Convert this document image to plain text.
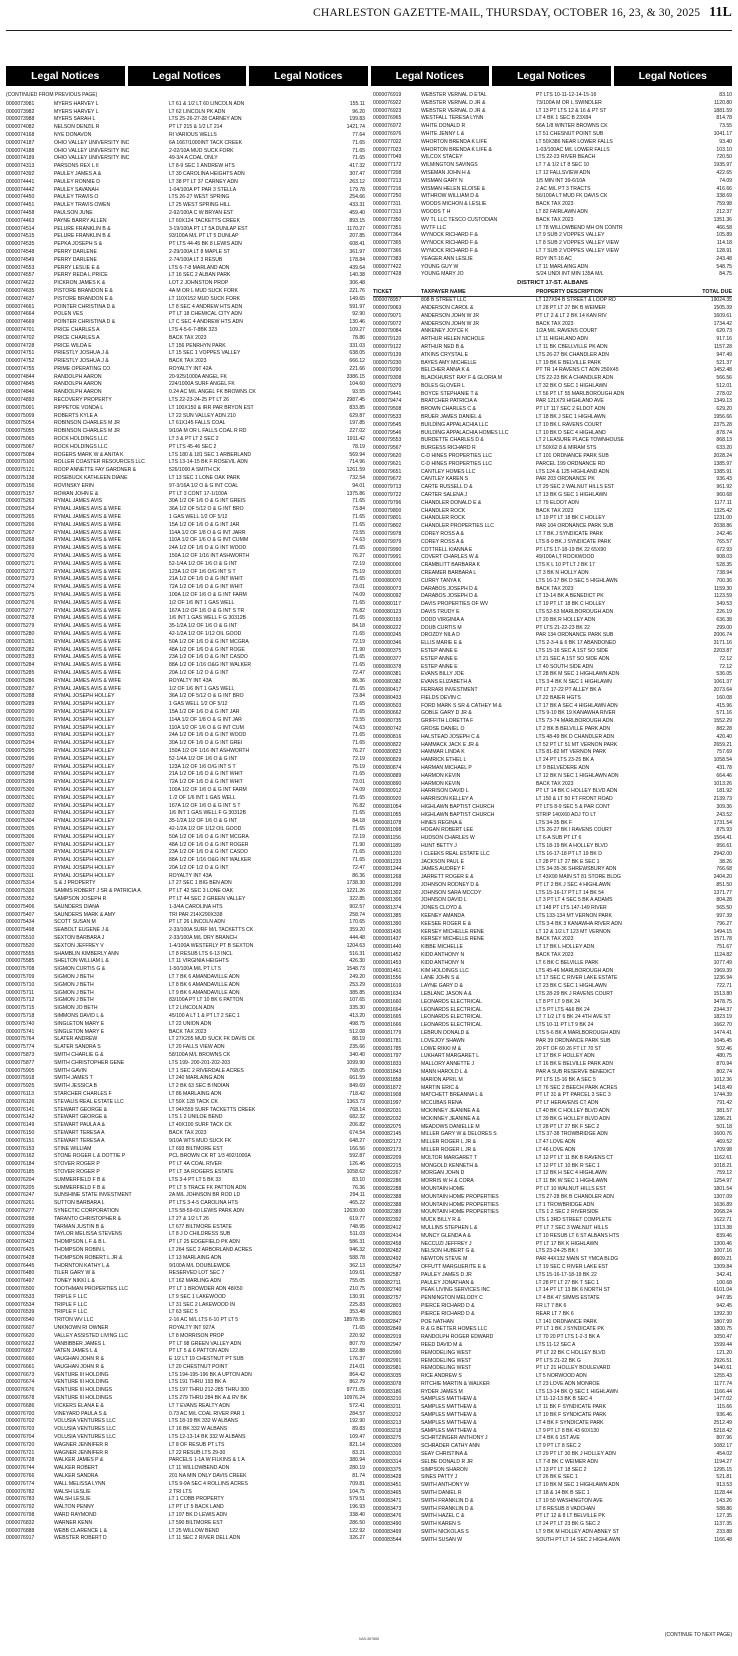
CHARLESTON GAZETTE-MAIL, THURSDAY, OCTOBER 16, 23, & 30, 2025 11L
Legal Notices	Legal Notices	Legal Notices	Legal Notices	Legal Notices	Legal Notices
(CONTINUED FROM PREVIOUS PAGE)
0000073981	MYERS HARVEY L	LT 61 & 1/2 LT 60 LINCOLN ADN	155.11
0000073982	MYERS HARVEY L	LT 62 LINCOLN PK ADN	96.20
0000073988	MYERS SARAH L	LTS 25-26-27-28 CARNEY ADN	199.83
0000074082	NELSON DENZIL R	PT LT 215 & 1/2 LT 214	1421.74
0000074168	NYE DONAVON	RI VARIOUS WELLS	77.64
0000074187	OHIO VALLEY UNIVERSITY INC	6A 1667/1000INT TACK CREEK	71.65
0000074188	OHIO VALLEY UNIVERSITY INC	2-02/10A MUD SUCK FORK	71.65
0000074189	OHIO VALLEY UNIVERSITY INC	49-3/4 A COAL ONLY	71.65
0000074313	PARSONS REX L II	LT 8-9 SEC 1 ANDREW HTS	417.32
0000074392	PAULEY JAMES A &	LT 30 CAROLINA HEIGHTS ADN	307.47
0000074441	PAULEY RONNIE D	LT 38 PT LT 37 CARNEY ADN	263.12
0000074442	PAULEY SAVANAH	1-04/100A PT PAR 3 STELLA	179.78
0000074450	PAULEY TRAVIS O	LTS 26-27 WEST SPRING	254.66
0000074451	PAULEY TRAVIS OWEN	LT 25 WEST SPRING HILL	433.31
0000074458	PAULSON JUNE	2-92/100A C W BRYAN EST	459.40
0000074463	PAYNE BARRY ALLEN	LT 60X124 TACKETTS CREEK	893.15
0000074514	PELURE FRANKLIN B &	3-19/100A PT LT 5A DUNLAP EST	1170.27
0000074515	PELURE FRANKLIN B &	93/100A M/L PT LT 5 DUNLAP	207.85
0000074535	PEPKA JOSEPH S &	PT LTS 44-45 BK 8 LEWIS ADN	608.41
0000074548	PERRY DARLENE	2-29/100A LT 8 MAPLE ST	361.97
0000074549	PERRY DARLENE	2-74/100A LT 3 RESUB	178.84
0000074553	PERRY LESLIE E &	LTS 6-7-8 MARLAND ADN	439.64
0000074557	PERRY REDA L PRICE	LT 16 SEC 2 ALBAN PARK	140.38
0000074622	PICKRON JAMES K &	LOT 2 JOHNSTON PROP	306.48
0000074635	PISTORE BRANDON E &	4A M OR L MUD SUCK FORK	221.76
0000074637	PISTORE BRANDON E &	LT 110X152 MUD SUCK FORK	149.65
0000074661	POINTER CHRISTINA D &	LT 8 SEC 4 ANDREW HTS ADN	591.97
0000074664	POLEN VES	PT LT 18 CHEMICAL CITY ADN	92.90
0000074669	POINTER CHRISTINA D &	LT C SEC 4 ANDREW HTS ADN	130.46
0000074701	PRICE CHARLES A	LTS 4-5-6-7-8BK 323	109.27
0000074702	PRICE CHARLES A	BACK TAX 2023	78.86
0000074728	PRICE WILDA E	LT 156 PENRHYN PARK	331.03
0000074751	PRIESTLY JOSHUA J &	LT 15 SEC 1 VOPPES VALLEY	638.05
0000074752	PRIESTLY JOSHUA J &	BACK TAX 2023	666.12
0000074755	PRIME OPERATING CO	ROYALTY INT 42A	221.66
0000074844	RANDOLPH AARON	20-925/1000A ANGEL FK	3386.15
0000074845	RANDOLPH AARON	224/1000A SURF ANGEL FK	104.60
0000074846	RANDOLPH AARON	0.24 AC M/L ANGEL FK BROWNS CK	93.55
0000074893	RECOVERY PROPERTY	LTS 22-23-24-25 PT LT 26	2987.45
0000075001	RIPPETOE VONDA L	LT 100X150 & IRR PAR BRYON EST	833.85
0000075009	ROBERTS KYLE A	LT 22 SUN VALLEY ADN 210	629.87
0000075054	ROBINSON CHARLES M JR	LT 61X145 FALLS COAL	197.85
0000075055	ROBINSON CHARLES M JR	9/10A M OR L FALLS COAL R RD	227.02
0000075065	ROCK HOLDINGS LLC	LT 3 & PT LT 2 SEC 2	1911.42
0000075067	ROCK HOLDINGS LLC	PT LTS 45-46 SEC 2	78.19
0000075084	ROGERS MARK W & ANITA K	LTS 180 & 181 SEC 1 ARBERLAND	569.94
0000075100	ROLLER COASTER RESOURCES LLC	LTS 13-14-15 BK F ROSEVIL ADN	714.96
0000075121	ROOP ANNETTE FAY GARDNER &	526/1000 A SMITH CK	1261.59
0000075138	ROSEBUCK KATHLEEN DIANE	LT 13 SEC 1 LONE OAK PARK	732.54
0000075156	ROVINSKY ERIN	97-3/16A 1/2 O & G INT COAL	94.01
0000075157	ROWAN JOHN E &	PT LT 3 CONT 17-1/100A	1375.86
0000075263	RYMAL JAMES AVIS	30A 1/2 OF 1/6 O & G INT GREIS	71.65
0000075264	RYMAL JAMES AVIS & WIFE	36A 1/2 OF 5/12 O & G INT BRO	73.84
0000075265	RYMAL JAMES AVIS & WIFE	1 GAS WELL 1/2 OF 5/12	71.65
0000075266	RYMAL JAMES AVIS & WIFE	15A 1/2 OF 1/6 O & G INT JAR	71.65
0000075267	RYMAL JAMES AVIS & WIFE	114A 1/2 OF 1/8 O & G INT JARR	73.55
0000075268	RYMAL JAMES AVIS & WIFE	110A 1/2 OF 1/6 O & G INT CUMM	74.63
0000075269	RYMAL JAMES AVIS & WIFE	24A 1/2 OF 1/6 O & G INT WOOD	71.65
0000075270	RYMAL JAMES AVIS & WIFE	150A 1/2 OF 1/16 INT ASHWORTH	76.27
0000075271	RYMAL JAMES AVIS & WIFE	52-1/4A 1/2 OF 1/6 O & G INT	72.19
0000075272	RYMAL JAMES AVIS & WIFE	123A 1/2 OF 1/6 O/G INT S T	75.19
0000075273	RYMAL JAMES AVIS & WIFE	21A 1/2 OF 1/6 O & G INT WHIT	71.65
0000075274	RYMAL JAMES AVIS & WIFE	72A 1/2 OF 1/6 O & G INT WHIT	73.01
0000075275	RYMAL JAMES AVIS & WIFE	100A 1/2 OF 1/6 O & G INT FARM	74.09
0000075276	RYMAL JAMES AVIS & WIFE	1/2 OF 1/6 INT 1 GAS WELL	71.65
0000075277	RYMAL JAMES AVIS & WIFE	167A 1/2 OF 1/6 O & G INT S TR	76.82
0000075278	RYMAL JAMES AVIS & WIFE	1/6 INT 1 GAS WELL F G 30312B	71.65
0000075279	RYMAL JAMES AVIS & WIFE	35-1/2A 1/2 OF 1/6 O & G INT	84.18
0000075280	RYMAL JAMES AVIS & WIFE	42-1/2A 1/2 OF 1/12 OIL GOOD	71.65
0000075281	RYMAL JAMES AVIS & WIFE	50A 1/2 OF 1/6 O & G INT MCGRA	72.19
0000075282	RYMAL JAMES AVIS & WIFE	48A 1/2 OF 1/6 O & G INT ROGE	71.90
0000075283	RYMAL JAMES AVIS & WIFE	23A 1/2 OF 1/6 O & G INT CASDO	71.65
0000075284	RYMAL JAMES AVIS & WIFE	88A 1/2 OF 1/16 O&G INT WALKER	71.65
0000075285	RYMAL JAMES AVIS & WIFE	20A 1/2 OF 1/2 O & G INT	72.47
0000075286	RYMAL JAMES AVIS & WIFE	ROYALTY INT 43A	86.36
0000075287	RYMAL JAMES AVIS & WIFE	1/2 OF 1/6 INT 1 GAS WELL	71.65
0000075288	RYMAL JOSEPH HOLLEY	36A 1/2 OF 5/12 O & G INT BRO	73.84
0000075289	RYMAL JOSEPH HOLLEY	1 GAS WELL 1/2 OF 5/12	71.65
0000075290	RYMAL JOSEPH HOLLEY	15A 1/2 OF 1/6 O & G INT JAR	71.65
0000075291	RYMAL JOSEPH HOLLEY	114A 1/2 OF 1/8 O & G INT JAR	73.55
0000075292	RYMAL JOSEPH HOLLEY	110A 1/2 OF 1/6 O & G INT CUM	74.63
0000075293	RYMAL JOSEPH HOLLEY	24A 1/2 OF 1/6 O & G INT WOOD	71.65
0000075294	RYMAL JOSEPH HOLLEY	30A 1/2 OF 1/6 O & G INT GREI	71.65
0000075295	RYMAL JOSEPH HOLLEY	150A 1/2 OF 1/16 INT ASHWORTH	76.27
0000075296	RYMAL JOSEPH HOLLEY	52-1/4A 1/2 OF 1/6 O & G INT	72.19
0000075297	RYMAL JOSEPH HOLLEY	123A 1/2 OF 1/6 O/G INT S T	75.19
0000075298	RYMAL JOSEPH HOLLEY	21A 1/2 OF 1/6 O & G INT WHIT	71.65
0000075299	RYMAL JOSEPH HOLLEY	72A 1/2 OF 1/6 O & G INT WHIT	73.01
0000075300	RYMAL JOSEPH HOLLEY	100A 1/2 OF 1/6 O & G INT FARM	74.09
0000075301	RYMAL JOSEPH HOLLEY	1 /2 OF 1/6 INT 1 GAS WELL	71.65
0000075302	RYMAL JOSEPH HOLLEY	167A 1/2 OF 1/6 O & G INT S T	76.82
0000075303	RYMAL JOSEPH HOLLEY	1/6 INT 1 GAS WELL F G 30312B	71.65
0000075304	RYMAL JOSEPH HOLLEY	35-1/2A 1/2 OF 1/6 O & G INT	84.18
0000075305	RYMAL JOSEPH HOLLEY	42-1/2A 1/2 OF 1/12 OIL GOOD	71.65
0000075306	RYMAL JOSEPH HOLLEY	50A 1/2 OF 1/6 O & G INT MCGRA	72.19
0000075307	RYMAL JOSEPH HOLLEY	48A 1/2 OF 1/6 O & G INT ROGER	71.90
0000075308	RYMAL JOSEPH HOLLEY	23A 1/2 OF 1/6 O & G INT CASDO	71.65
0000075309	RYMAL JOSEPH HOLLEY	88A 1/2 OF 1/16 O&G INT WALKER	71.65
0000075310	RYMAL JOSEPH HOLLEY	20A 1/2 OF 1/2 O & G INT	72.47
0000075311	RYMAL JOSEPH HOLLEY	ROYALTY INT 43A	86.36
0000075314	S & J PROPERTY	LT 27 SEC 1 BIG BEN ADN	1738.30
0000075326	SAMMS ROBERT J SR & PATRICIA A	PT LT 42 SEC 3 LONE OAK	1221.26
0000075352	SAMPSON JOSEPH R	PT LT 44 SEC 2 GREEN VALLEY	322.85
0000075406	SAUNDERS DIANA	1-3/4A CAROLINA HTS	902.57
0000075407	SAUNDERS MARK & AMY	TRI PAR 214X290X338	258.74
0000075434	SCOTT SUSAN M	PT LT 26 LINCOLN ADN	170.65
0000075498	SEABOLT EUGENE J &	2-33/100A SURF M/L TACKETTS CK	359.20
0000075510	SEXTON BARBARA J	2-33/100A M/L DRY BRANCH	444.48
0000075520	SEXTON JEFFREY V	1-4/100A WESTERLY PT B SEXTON	1204.63
0000075555	SHAMBLIN KIMBERLY ANN	LT 8 RESUB LTS 6-13 INCL	516.31
0000075585	SHELTON WILLIAM L &	LT 11 VIRGINIA HEIGHTS	426.30
0000075708	SIGMON CURTIS G &	1-50/100A M/L PT LT 5	1548.73
0000075709	SIGMON J BETH	LT 7 BK 6 AMANDAVILLE ADN	249.20
0000075710	SIGMON J BETH	LT 8 BK 6 AMANDAVILLE ADN	253.29
0000075711	SIGMON J BETH	LT 9 BK 6 AMANDAVILLE ADN	385.85
0000075712	SIGMON J BETH	83/100A PT LT 10 BK 6 PATTON	107.65
0000075715	SIGMON JO BETH	LT 2 LINCOLN ADN	335.30
0000075718	SIMMONS DAVID L &	45/100 A LT 1 & PT LT 2 SEC 1	413.20
0000075740	SINGLETON MARY E	LT 22 UNION ADN	498.75
0000075741	SINGLETON MARY E	BACK TAX 2023	512.08
0000075764	SLATER ANDREW	LT 27X205 MUD SUCK FK DAVIS CK	88.19
0000075774	SLATER SANDRA S	LT 20 FALLS VIEW ADN	235.66
0000075873	SMITH CHARLIE G &	58/100A M/L BROWNS CK	340.40
0000075877	SMITH CHRISTOPHER GENE	LTS 199- 200-201-202-203	1099.90
0000075905	SMITH GAVIN	LT 1 SEC 2 RIVERDALE ACRES	768.05
0000075918	SMITH JAMES T	LT 240 MARLAING ADN	661.59
0000075925	SMITH JESSICA B	LT 2 BK 63 SEC B INDIAN	849.69
0000076113	STARCHER CHARLES F	LT 86 MARLAING ADN	718.42
0000076126	STEVALIS REAL ESTATE LLC	LT 50X 128 TACK CK	1363.73
0000076141	STEWART GEORGE &	LT 94X559 SURF TACKETTS CREEK	768.14
0000076142	STEWART GEORGE &	LTS 1 2 UNILOE BEND	682.32
0000076149	STEWART PAULA A &	LT 40X100 SURF TACK CK	206.82
0000076150	STEWART TERESA A	BACK TAX 2023	674.54
0000076151	STEWART TERESA A	9/10A WTS MUD SUCK FK	648.27
0000076153	STINE WILLIAM	LT 693 BILTMORE EST	166.56
0000076162	STONE ROGER L & DOTTIE P	PCL BROWN CK RT 1/3 492/1000A	592.87
0000076184	STOVER ROGER P	PT LT 4A COAL RIVER	126.46
0000076185	STOVER ROGER P	PT LT 3A ROGERS ESTATE	1058.62
0000076204	SUMMERFIELD F B &	LTS 3-4 PT LT 5 BK 33	83.10
0000076205	SUMMERFIELD F B &	PT LT 5 TRACE FK PATTON ADN	76.36
0000076247	SUNSHINE STATE INVESTMENT	2A M/L JOHNSON BR ROD LD	294.11
0000076261	SUTTON BARBARA L	PT LTS 3-4-5 CAROLINA HTS	465.22
0000076277	SYNECTIC CORPORATION	LTS 58-59-60 LEWIS PARK ADN	12630.00
0000076298	TARANTO CHRISTOPHER &	LT 27 & 1/2 LT 26	619.77
0000076299	TARMAN JUSTIN B &	LT 677 BILTMORE ESTATE	748.95
0000076334	TAYLOR MELISSA STEVENS	LT 8 J D CHILDRESS SUB	511.03
0000076423	THOMPSON L F & B L	PT LT 25 EDGEFIELD PK ADN	586.31
0000076425	THOMPSON ROBIN L	LT 264 SEC 2 ARBORLAND ACRES	946.32
0000076428	THOMPSON ROBERT L JR &	LT 13 MARLAING ADN	588.78
0000076445	THORNTON KATHY L &	9/100A M/L DOUBLEWIDE	362.13
0000076480	TILER GARY W &	RESERVED LOT SEC 7	109.61
0000076497	TONEY NIKKI L &	LT 162 MARLING ADN	755.05
0000076500	TOOTHMAN PROPERTIES LLC	PT LT 1 BROWDER ADN 48X50	210.75
0000076533	TRIPLE F LLC	LT 9 SEC 1 LAKEWOOD	130.91
0000076534	TRIPLE F LLC	LT 31 SEC 2 LAKEWOOD IN	225.83
0000076539	TRIPLE F LLC	LT 63 SEC 5	353.48
0000076540	TRITON WV LLC	2-16 AC M/L LTS 6-10 PT LT 5	18578.95
0000076607	UNKNOWN RI OWNER	ROYALTY INT 927A	71.65
0000076620	VALLEY ASSISTED LIVING LLC	LT 8 MORRISON PROP	220.92
0000076622	VANBIBBER JAMES L	PT LT 98 GREEN VALLEY ADN	807.70
0000076657	VATEN JAMES L &	PT LT 5 & 6 PATTON ADN	122.88
0000076660	VAUGHAN JOHN R &	E 1/2 LT 19 CHESTNUT PT SUB	176.37
0000076661	VAUGHAN JOHN R &	LT 20 CHESTNUT POINT	214.01
0000076673	VENTURE III HOLDING	LTS 194-195-196 BK A UPTON ADN	864.42
0000076674	VENTURE III HOLDING	LTS 191 THRU 193 BK A	862.79
0000076676	VENTURE III HOLDINGS	LTS 197 THRU 212-285 THRU 300	9771.05
0000076678	VENTURE III HOLDINGS	LTS 279 THRU 284 BK A & RV BK	10976.24
0000076686	VICKERS ELANA E &	LT 7 EVANS REALTY ADN	572.41
0000076700	VINEYARD PAULA S &	0.73 AC M/L COAL RIVER PAR 1	284.57
0000076702	VOLUSIA VENTURES LLC	LTS 18-19 BK 332 W ALBANS	192.90
0000076703	VOLUSIA VENTURES LLC	LT 16 BK 332 W ALBANS	89.83
0000076704	VOLUSIA VENTURES LLC	LTS 12-13-14 BK 332 W ALBANS	109.47
0000076720	WAGNER JENNIFER R	LT 8 OF RESUB PT LTS	821.14
0000076721	WAGNER JENNIFER R	LT 22 RESUB LTS 29-30	83.21
0000076728	WALKER JAMES P &	PARCELS 1-1A W FILKINS & 1 A	380.94
0000076744	WALKER ROBERT	LT 11 WILLOWBEND ADN	280.19
0000076766	WALKER SANDRA	201 NA MIN ONLY DAVIS CREEK	81.74
0000076774	WALL MELISSA LYNN	LTS 9-9A SEC 4 ROLLINS ACRES	709.81
0000076782	WALSH LESLIE	2 TRI LTS	104.75
0000076783	WALSH LESLIE	LT 1 COBB PROPERTY	579.51
0000076792	WALTON PENNY	LT PT LT 5 BACK LAND	196.93
0000076798	WARD RAYMOND	LT 107 BK D LEWIS ADN	338.40
0000076832	WARNER KENN	LT 590 BILTMORE EST	286.50
0000076888	WEBB CLARENCE L &	LT 25 WILLOW BEND	122.92
0000076917	WEBSTER ROBERT D	LT 11 SEC 2 RIVER DELL ADN	326.27
0000076919	WEBSTER VERNAL D ETAL	PT LTS 10-11-12-14-15-16	83.10
0000076922	WEBSTER VERNAL D JR &	73/100A M OR L SWINDLER	1120.80
0000076923	WEBSTER VERNAL D JR &	LT 13 PT LTS 12 & 16 & PT ST	1881.59
0000076965	WESTFALL TERESA LYNN	LT 4 BK 1 SEC B 23X84	814.78
0000076972	WHITE DONALD R	56A 1/8 WINTER BROWNS CK	73.55
0000076976	WHITE JENNY L &	LT 51 CHESNUT POINT SUB	1041.17
0000077022	WHORTON BRENDA K LIFE	LT 50X386 NEAR LOWER FALLS	93.40
0000077023	WHORTON BRENDA K LIFE &	1-03/100AC M/L LOWER FALLS	103.10
0000077049	WILCOX STACEY	LTS 22-23 RIVER BEACH	720.50
0000077172	WILMINGTON SAVINGS	LT 7 & 1/2 LT 8 SEC 10	1935.97
0000077208	WISEMAN JOHN H &	LT 12 FALLSVIEW ADN	422.65
0000077213	WISMAN GARY N	1/5 MIN INT 39-6/10A	74.09
0000077216	WISMAN HELEN ELOISE &	2 AC M/L PT 3 TRACTS	416.66
0000077250	WITHROW WILLIAM D &	56/100A LT MUD FK DAVIS CK	338.69
0000077311	WOODS MICHON & LESLIE	BACK TAX 2023	759.98
0000077313	WOODS T H	LT 82 FAIRLAWN ADN	212.37
0000077350	WV TL LLC TESCO CUSTODIAN	BACK TAX 2023	1351.36
0000077351	WVTF LLC	LT 78 WILLOWBEND MH ON CONTR	466.58
0000077364	WYNOCK RICHARD F &	LT 9 SUB 2 VOPPES VALLEY	105.89
0000077365	WYNOCK RICHARD F &	LT 8 SUB 2 VOPPES VALLEY VIEW	114.18
0000077366	WYNOCK RICHARD F &	LT 7 SUB 2 VOPPES VALLEY VIEW	128.91
0000077383	YEAGER ANN LESLIE	ROY INT-16 AC	243.48
0000077422	YOUNG GUY W	LT 11 MARLAING ADN	548.75
0000077428	YOUNG MARY JO	S/24 UNDI INT MIN 135A M/L	84.75
DISTRICT 17-ST. ALBANS
TICKET	TAXPAYER NAME	PROPERTY DESCRIPTION	TOTAL DUE
0000078957	808 B STREET LLC	LT 127X94 B STREET & LOOP RD	19024.35
0000079063	ANDERSON CAROL &	LT 28 PT LT 27 BK B WEIMER	1505.39
0000079071	ANDERSON JOHN W JR	PT LT 2 & LT 2 BK 14 KAN RIV	1609.61
0000079072	ANDERSON JOHN W JR	BACK TAX 2023	1734.42
0000079084	ANKENEY JOYCE K	1/2A M/L RAVENS COURT	620.73
0000079120	ARTHUR HELEN NICHOLE	LT 11 HIGHLAND ADN	917.16
0000079122	ARTHUR NED B &	LT 11 BK CBELLVILLE PK ADN	1157.28
0000079139	ATKINS CRYSTAL E	LTS 26-27 BK CHANDLER ADN	947.49
0000079230	BAYES AMY MICHELLE	LT 19 BK E BELVILLE PARK	521.37
0000079290	BELCHER ANNA K &	PT TR 14 RAVENS CT ADN 250X45	1452.48
0000079308	BLACKHURST RAY F & GLORIA M	LTS 22-23 BK A CHANDLER ADN	566.56
0000079379	BOLES GLOVER L	LT 32 BK O SEC 1 HIGHLAWN	512.01
0000079441	BOYCE STEPHANIE T &	LT 56 PT LT 55 MARLBOROUGH ADN	278.02
0000079474	BRATCHER PATRICIA A	PAR 121X79 HIGHLAND AVE	1349.13
0000079508	BROWN CHARLES C &	PT LT 117 SEC 2 ELDOT ADN	629.20
0000079533	BRUER JAMES DANIEL &	LT 18 BK J SEC 1 HIGHLAWN	1956.66
0000079545	BUILDING APPALACHIA LLC	LT 10 BK L RAVENS COURT	2375.28
0000079546	BUILDING APPALACHIA HOMES LLC	LT 10 BK D SEC 4 HIGHLAND	878.74
0000079553	BURDETTE CHARLES D &	LT 2 LEASURE PLACE TOWNHOUSE	868.13
0000079567	BURGESS RICHARD R	LT 50X62 8 & MIRAM STS	633.20
0000079620	C-D HINES PROPERTIES LLC	LT 101 ORDNANCE PARK SUB	2028.24
0000079621	C-D HINES PROPERTIES LLC	PARCEL 199 ORDNANCE RD	1385.97
0000079651	CANTLEY HOMES LLC	LTS 124 & 125 HIGHLAND ADN	1385.91
0000079672	CANTLEY KAREN S	PAR 203 ORDNANCE PK	936.43
0000079713	CARTE RUSSELL D &	LT 29 SEC 2 WALNUT HILLS EST	961.92
0000079722	CARTER SALENA J	LT 13 BK G SEC 1 HIGHLAWN	960.68
0000079796	CHANDLER DONALD E &	LT 79 ELDOT ADN	1177.11
0000079800	CHANDLER ROCK	BACK TAX 2023	1325.42
0000079801	CHANDLER ROCK	LT 19 PT LT 18 BK C HOLLEY	1231.00
0000079802	CHANDLER PROPERTIES LLC	PAR 104 ORDNANCE PARK SUB	2038.86
0000079978	COREY ROSS A &	LT 7 BK J SYNDICATE PARK	242.46
0000079979	COREY ROSS A &	LTS 8-9 BK J SYNDICATE PARK	765.57
0000079990	COTTRELL KIANNA E	PT LTS 17-18-19 BK 22 65X90	672.93
0000079991	COVERT CHARLES W &	49/100A LT ROCKWOOD	908.03
0000080000	CRAMBLITT BARBARA K	LTS K L 10 PT LT J BK 17	528.35
0000080020	CREAMER BARBARA L	LT 3 BK N HOLLY ADN	738.94
0000080070	CURRY TANYA K	LTS 16-17 BK D SEC 5 HIGHLAWN	700.36
0000080073	DARABOS JOSEPH D &	BACK TAX 2023	1159.30
0000080092	DARABOS JOSEPH D &	LT 13-14 BK A BENEDICT PK	1123.59
0000080117	DAVIS PROPERTIES OF WV	LT 19 PT LT 18 BK C HOLLEY	349.53
0000080123	DAVIS TRUDY E	LTS 52-53 MARLBOROUGH ADN	226.19
0000080193	DODD VIRGINIA A	LT 20 BK R HOLLEY ADN	636.38
0000080222	DOUB CURTIS M	PT LTS 21-22-23 BK 22	299.00
0000080245	DROZDY NILA D	PAR 134 ORDNANCE PARK SUB	2006.74
0000080346	ELLIS MARIE E &	LTS 2-3-4 & 6 BK 17 ABANDONED	3171.16
0000080375	ESTEP ANNE E	LTS 15-16 SEC A 1ST SO SIDE	2203.87
0000080377	ESTEP ANNE E	LT 21 SEC A 1ST SO SIDE ADN	72.12
0000080378	ESTEP ANNE E	LT 40 SOUTH SIDE ADN	72.12
0000080381	EVANS BILLY JOE	LT 28 BK M SEC 1 HIGHLAWN ADN	536.05
0000080382	EVANS ELIZABETH A	LTS 3-4 BK N SEC 1 HIGHLAWN	1061.37
0000080417	FERRARI INVESTMENT	PT LT 17-22 PT ALLEY BK A	2073.64
0000080433	FIELDS DEVIN C	LT 22 BAIER HGTS	160.08
0000080503	FORD MARK S SR & CATHEY M &	LT 17 BK A SEC 4 HIGHLAWN ADN	415.96
0000080662	GOBLE GARY D JR &	LTS 9-10 BK 19 KANAWHA RIVER	571.16
0000080735	GRIFFITH LORETTA F	LTS 73-74 MARLBOROUGH ADN	1552.29
0000080742	GROSE DANIEL O	LT 2 BK B BELVILLE PARK ADN	882.28
0000080816	HALSTEAD JOSEPH C &	LTS 48-49 BK D CHANDLER ADN	420.40
0000080822	HAMMACK JACK E JR &	LT 52 PT LT 51 MT VERNON PARK	2659.21
0000080823	HAMMAR LINDA K	LTS 81-82 MT VERNON PARK	757.69
0000080829	HAMRICK ETHEL L	LT 24 PT LTS 23-25 BK A	1058.54
0000080874	HARMAN MICHAEL P	LT 9 BELVEDERE ADN	431.78
0000080889	HARMON KEVIN	LT 12 BK N SEC 1 HIGHLAWN ADN	664.46
0000080890	HARMON KEVIN	BACK TAX 2023	1013.26
0000080912	HARRISON DAVID L	PT LT 14 BK C HOLLEY BLVD ADN	181.92
0000080920	HARRISON KELLEY A	LT 150 & LT 50 FT FRONT ROAD	2139.73
0000081054	HIGHLAWN BAPTIST CHURCH	PT LTS 8-9 SEC 5 & PAR CONT	309.36
0000081055	HIGHLAWN BAPTIST CHURCH	STRIP 140X60 ADJ TO LT	243.52
0000081078	HINES REGINA &	LTS 34-35 BK F	1731.54
0000081098	HOGAN ROBERT LEE	LTS 26-27 BK I RAVENS COURT	875.93
0000081156	HUDSON CHARLES W	LT 6-A SUB PT LT 6	1564.41
0000081189	HUNT BETTY J	LTS 18-19 BK A HOLLEY BLVD	956.61
0000081220	I CLEEKS REAL ESTATE LLC	LTS 16-17-18 PT LT 19 BK D	2942.00
0000081233	JACKSON PAUL E	LT 28 PT LT 27 BK E SEC 1	38.26
0000081244	JAMES AUDREY F	LTS 34-35-36 SHREWSBURY ADN	766.68
0000081268	JARRETT ROGER E &	LT 43X90 MAIN ST 81 STORE BLDG	2404.20
0000081299	JOHNSON RODNEY D &	PT LT 2 BK J SEC 4 HIGHLAWN	851.50
0000081302	JOHNSON SARA MCCOY	LTS 15-16-17 PT LT 14 BK 54	1371.77
0000081306	JOHNSON DAVID L	LT 3 PT LT 4 SEC 5 BK A ADAMS	804.28
0000081374	JONES CLOYD &	LT 148 PT LTS 147-149 RIVER	565.50
0000081385	KEENEY AMANDA	LTS 133-134 MT VERNON PARK	997.39
0000081390	KEESEE ROGER E &	LTS 3-4 BK 3 KANAWHA RIVER ADN	796.27
0000081436	KERSEY MICHELLE RENE	LT 12 & 1/2 LT 123 MT VERNON	1494.15
0000081437	KERSEY MICHELLE RENE	BACK TAX 2023	1571.78
0000081440	KIBBE MICHELLE	LT 17 BK L HOLLEY ADN	751.67
0000081452	KIDD ANTHONY N	BACK TAX 2023	1124.82
0000081453	KIDD ANTHONY N	LT 6 BK C BELVILLE PARK	1077.49
0000081461	KIM HOLDINGS LLC	LTS 45-46 MARLBOROUGH ADN	1969.39
0000081556	LANE JOHN S &	LT 17 SEC C RIVER LAKE ESTATE	1236.94
0000081619	LAYNE GARY D &	LT 23 BK C SEC 1 HIGHLAWN	722.71
0000081634	LEBLANC JASON A &	LTS 28-29 BK J RAVENS COURT	1513.80
0000081660	LEONARDS ELECTRICAL	LT 8 PT LT 9 BK 24	3478.75
0000081664	LEONARDS ELECTRICAL	LT 5 PT LTS 4&6 BK 24	2344.37
0000081665	LEONARDS ELECTRICAL	LT 7 1/2 LT 6 BK 24 4TH AVE ST	1823.19
0000081666	LEONARDS ELECTRICAL	LTS 10-11 PT LT 9 BK 24	1662.70
0000081779	LEBRUN DONALD &	LTS 5-6 BK A MARLBOROUGH ADN	1474.41
0000081781	LOVEJOY SHAWN	PAR 39 ORDNANCE PARK SUB	1045.45
0000081785	LOWE RIKKI M &	20 FT OF 60 26 FT LT 70 ST	502.46
0000081797	LUKHART MARGARET L	LT 17 BK F HOLLEY ADN	480.75
0000081833	MALLORY ANNETTE J	LT 16 BK E BELVILLE PARK ADN	870.94
0000081843	MANN HAROLD L &	PAR A SUB RESERVE BENEDICT	802.74
0000081858	MARION APRIL M	PT LTS 15-16 BK A SEC 5	1012.36
0000081872	MARTIN ERIC &	LT 76 SEC 2 BEECH PARK ACRES	1418.49
0000081908	MATCHETT BREANNA L &	PT LT 31 & PT PARCEL 3 SEC 3	1744.39
0000081997	MCCUBAS RENA	PT LT HERAVENS CT ADN	791.42
0000082031	MCKINNEY JEANINE A &	LT 40 BK C HOLLEY BLVD ADN	381.57
0000082032	MCKINNEY JEANINE A &	LT 39 BK G HOLLEY BLVD ADN	1286.21
0000082075	MEADOWS DANIELLE M	LT 28 PT LT 27 BK F SEC 2	501.18
0000082145	MILLER GARY W & DELORES S	LTS 37-38 TROWBRIDGE ADN	1600.76
0000082172	MILLER ROGER L JR &	LT 47 LOVE ADN	469.52
0000082173	MILLER ROGER L JR &	LT 46 LOVE ADN	1709.98
0000082209	MOLTOR MARGARET T	LT 12 PT LT 11 BK B RAVENS CT	1162.61
0000082215	MONGOLD KENNETH &	LT 12 PT LT 10 BK R SEC 1	1018.21
0000082267	MORGAN JOHN D	LT 12 BK H SEC 4 HIGHLAWN	759.12
0000082286	MORRIS W H & CORA	LT 11 BK W SEC 1 HIGHLAWN	1254.97
0000082288	MOUNTAIN HOME	PT LT 10 WALNUT HILLS EST	1801.54
0000082388	MOUNTAIN HOME PROPERTIES	LTS 27-28 BK B CHANDLER ADN	1307.09
0000082388	MOUNTAIN HOME PROPERTIES	LT 1 TROWBRIDGE ADN	1636.89
0000082389	MOUNTAIN HOME PROPERTIES	LTS 1 2 SEC 2 RIVERSIDE	2068.24
0000082392	MUCK BILLY R &	LTS 1 3RD STREET COMPLETE	1622.71
0000082412	MULLINS STEPHEN L &	PT LT 7 SEC 3 WALNUT HILLS	1313.38
0000082414	MUNCY GLENDA A &	LT 10 RESUB LT 6 ST ALBANS HTS	839.46
0000082458	NECCUZI JEFFREY J	PT LT 17 BK K HIGHLAWN	1300.46
0000082482	NELSON HUBERT G &	LTS 23-24-25 BK I	1007.16
0000082492	NEWTON STEVE M	PAR 44X132 MAIN ST YMCA BLDG	8609.21
0000082547	OFFUTT MARGUERITE E &	LT 19 SEC C RIVER LAKE EST	1309.84
0000082587	PAULEY JAMES D JR	LTS 15-16-17-18-19 BK 22	342.41
0000082711	PAULEY JONATHAN &	LT 28 PT LT 27 BK T SEC 1	100.68
0000082740	PEAK LIVING SERVICES INC	LT 14 PT LT 13 BK 6 NORTH ST	6101.04
0000082757	PENNINGTON MELODY C	LT 4 BK 47 SIMMS ESTATE	947.95
0000082803	PIERCE RICHARD D &	FR LT 7 BK 6	942.45
0000082803	PIERCE RICHARD D &	REAR LT 7 BK 6	1392.30
0000082847	POE NATHAN	LT 141 ORDNANCE PARK	1807.99
0000082849	R & G BETTER HOMES LLC	PT LT 1 BK J SYNDICATE PK	1800.75
0000082919	RANDOLPH ROGER EDWARD	LT 70 20 PT LTS 1-2-3 BK A	1050.47
0000082947	REED DAVID M &	LTS 11-12 SEC A	1599.44
0000082990	REMODELING WEST	PT LT 22 BK C HOLLEY BLVD	121.20
0000082991	REMODELING WEST	PT LTS 21-22 BK G	2926.51
0000082981	REMODELING WEST	PT LT 21 HOLLEY BOULEVARD	1440.61
0000083035	RICE ANDREW S	LT 5 NORWOOD ADN	1255.43
0000083078	RITCHIE MARTIN & WALKER	LT 23 LOVE ADN MONROE	1177.74
0000083186	RYDER JAMES M	LTS 13-14 BK Q SEC 1 HIGHLAWN	1166.44
0000083210	SAMPLES MATTHEW &	LT 11-12-13 BK B SEC 4	1477.02
0000083211	SAMPLES MATTHEW &	LT 11 BK F SYNDICATE PARK	115.66
0000083212	SAMPLES MATTHEW &	LT 10 BK F SYNDICATE PARK	936.46
0000083213	SAMPLES MATTHEW &	LT 4 BK F SYNDICATE PARK	2512.49
0000083218	SAMPLES MATTHEW &	LT 9 PT LT 8 BK 43 60X130	5218.42
0000083275	SCHRTZINGER ANTHONY J	LT 4 BK 6 1ST AVE	807.96
0000083309	SCHRADER CATHY ANN	LT 9 PT LT 8 SEC 2	1082.17
0000083310	SEAY CHRISTINA &	LT 29 PT LT 30 BK J HOLLEY ADN	454.02
0000083314	SELBE DONALD R JR	LT 7-8 BK C WEIMER ADN	1194.27
0000083375	SIMPSON SHARON	LT 13 PT LT 18 SEC 2	1295.15
0000083428	SINES PATTY J	LT 26 BK E SEC 1	521.81
0000083451	SMITH ANTHONY W	LT 10 BK M SEC 1 HIGHLAWN ADN	913.53
0000083465	SMITH DANIEL R	LT 18 & 14 BK B SEC 1	1128.44
0000083471	SMITH FRANKLIN D &	LT 10 50 WASHINGTON AVE	143.26
0000083473	SMITH FRANKLIN D &	LT 8 RESUB 8 VADCHAN	588.86
0000083476	SMITH HAZEL C &	PT LT 12 & 8 LT BELVILLE PK	127.35
0000083490	SMITH KAREN S	LT 24 PT LT 23 BK G SEC 2	1137.35
0000083499	SMITH NICKOLAS S	LT 9 BK M HOLLEY ADN ABNEY ST	233.88
0000083544	SMITH SUSAN W	SOUTH PT LT 14 SEC 2 HIGHLAWN	1166.48
(CONTINUE TO NEXT PAGE)
NAS-567886
